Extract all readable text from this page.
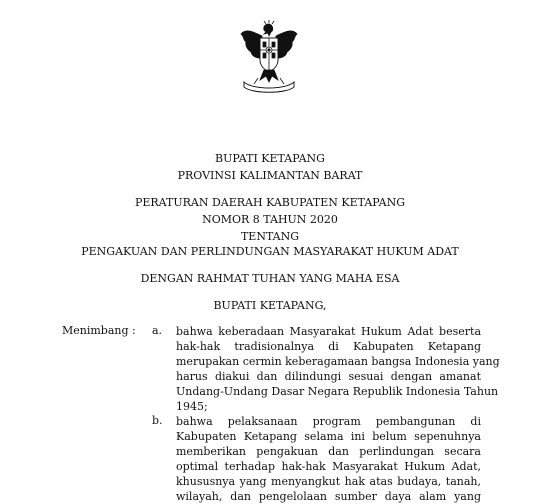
BUPATI KETAPANG
PROVINSI KALIMANTAN BARAT
PERATURAN DAERAH KABUPATEN KETAPANG
NOMOR 8 TAHUN 2020
TENTANG
PENGAKUAN DAN PERLINDUNGAN MASYARAKAT HUKUM ADAT
DENGAN RAHMAT TUHAN YANG MAHA ESA
BUPATI KETAPANG,
Menimbang : a. bahwa keberadaan Masyarakat Hukum Adat beserta
hak-hak tradisionalnya di Kabupaten Ketapang
merupakan cermin keberagamaan bangsa Indonesia yang
harus diakui dan dilindungi sesuai dengan amanat
Undang-Undang Dasar Negara Republik Indonesia Tahun
1945;
b. bahwa pelaksanaan program pembangunan di
Kabupaten Ketapang selama ini belum sepenuhnya
memberikan pengakuan dan perlindungan secara
optimal terhadap hak-hak Masyarakat Hukum Adat,
khususnya yang menyangkut hak atas budaya, tanah,
wilayah, dan pengelolaan sumber daya alam yang
